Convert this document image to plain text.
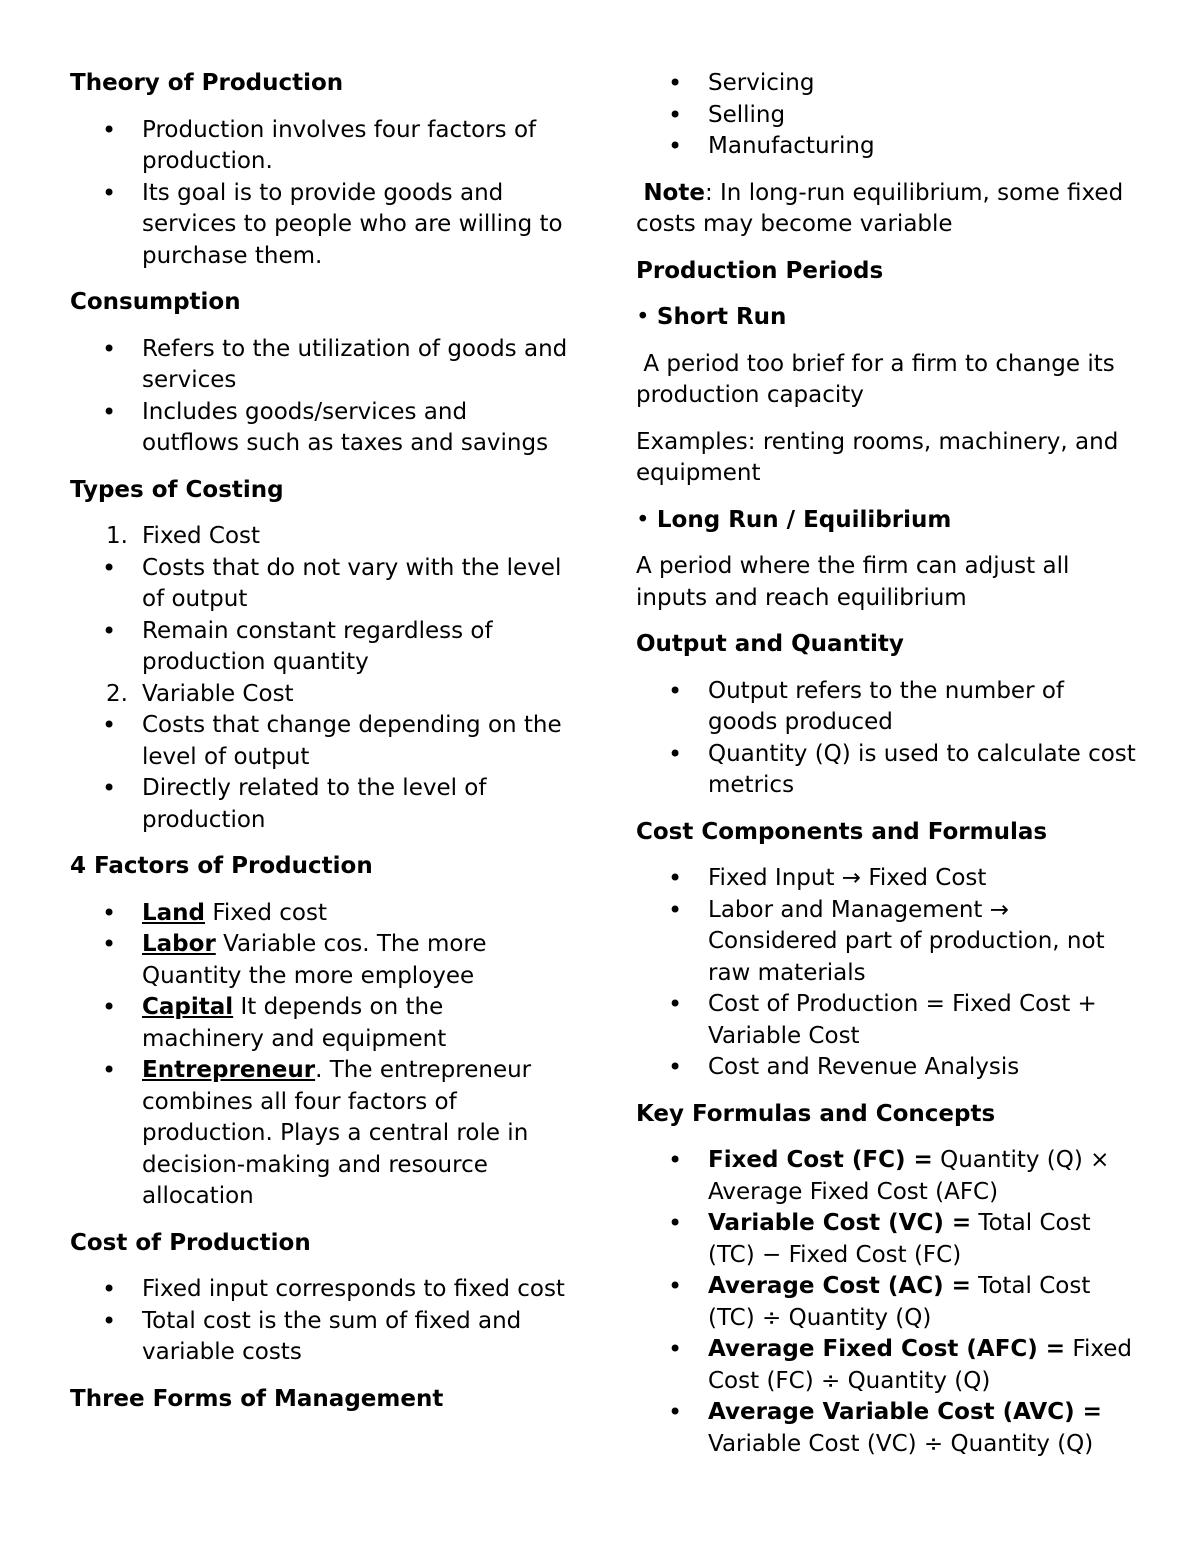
Theory of Production
• Production involves four factors of production.
• Its goal is to provide goods and services to people who are willing to purchase them.
Consumption
• Refers to the utilization of goods and services
• Includes goods/services and outflows such as taxes and savings
Types of Costing
1. Fixed Cost
• Costs that do not vary with the level of output
• Remain constant regardless of production quantity
2. Variable Cost
• Costs that change depending on the level of output
• Directly related to the level of production
4 Factors of Production
• Land Fixed cost
• Labor Variable cos. The more Quantity the more employee
• Capital It depends on the machinery and equipment
• Entrepreneur. The entrepreneur combines all four factors of production. Plays a central role in decision-making and resource allocation
Cost of Production
• Fixed input corresponds to fixed cost
• Total cost is the sum of fixed and variable costs
Three Forms of Management
• Servicing
• Selling
• Manufacturing

Note: In long-run equilibrium, some fixed costs may become variable

Production Periods

• Short Run

A period too brief for a firm to change its production capacity

Examples: renting rooms, machinery, and equipment

• Long Run / Equilibrium

A period where the firm can adjust all inputs and reach equilibrium

Output and Quantity
• Output refers to the number of goods produced
• Quantity (Q) is used to calculate cost metrics
Cost Components and Formulas
• Fixed Input → Fixed Cost
• Labor and Management → Considered part of production, not raw materials
• Cost of Production = Fixed Cost + Variable Cost
• Cost and Revenue Analysis
Key Formulas and Concepts
• Fixed Cost (FC) = Quantity (Q) × Average Fixed Cost (AFC)
• Variable Cost (VC) = Total Cost (TC) − Fixed Cost (FC)
• Average Cost (AC) = Total Cost (TC) ÷ Quantity (Q)
• Average Fixed Cost (AFC) = Fixed Cost (FC) ÷ Quantity (Q)
• Average Variable Cost (AVC) = Variable Cost (VC) ÷ Quantity (Q)
